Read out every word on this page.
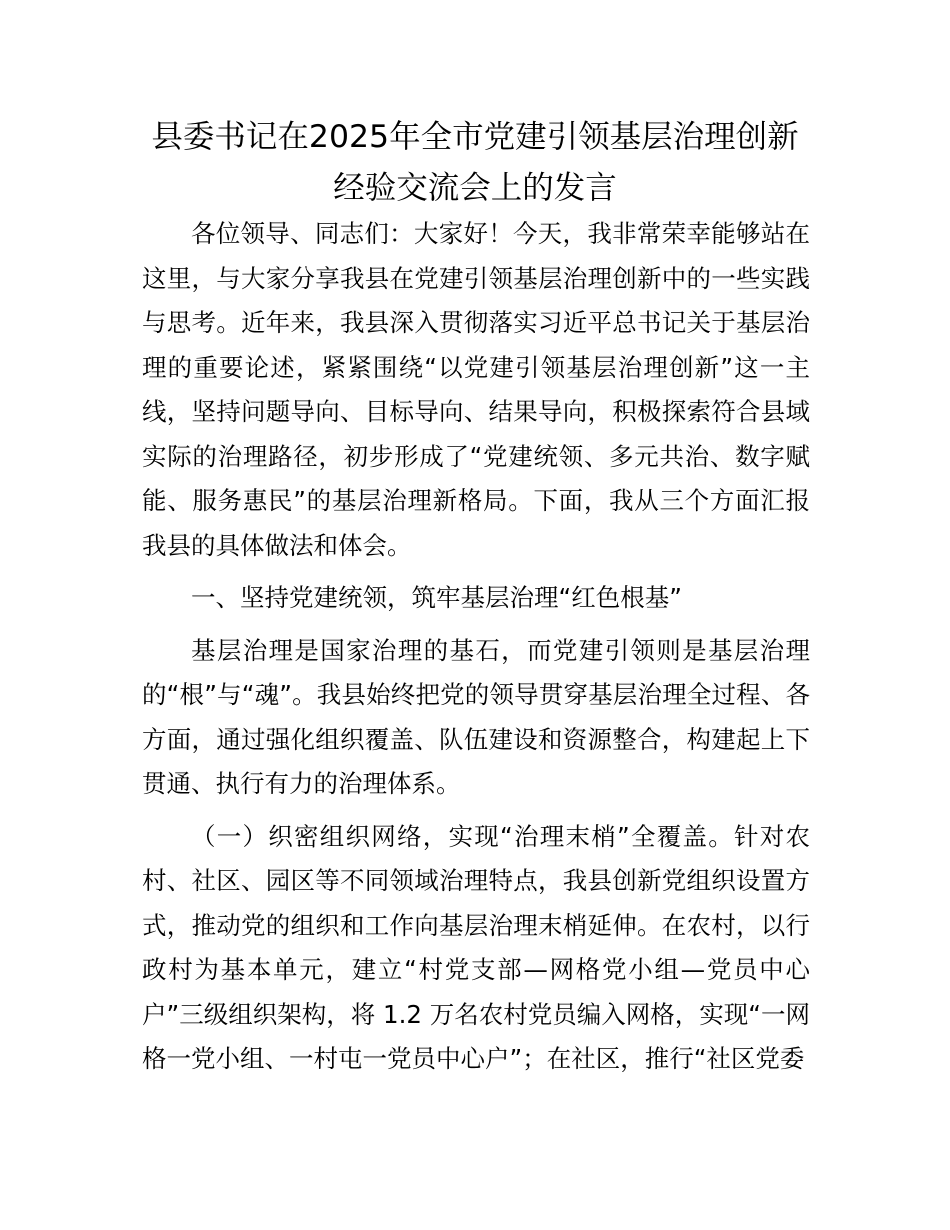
县委书记在2025年全市党建引领基层治理创新经验交流会上的发言

各位领导、同志们：大家好！今天，我非常荣幸能够站在这里，与大家分享我县在党建引领基层治理创新中的一些实践与思考。近年来，我县深入贯彻落实习近平总书记关于基层治理的重要论述，紧紧围绕“以党建引领基层治理创新”这一主线，坚持问题导向、目标导向、结果导向，积极探索符合县域实际的治理路径，初步形成了“党建统领、多元共治、数字赋能、服务惠民”的基层治理新格局。下面，我从三个方面汇报我县的具体做法和体会。

一、坚持党建统领，筑牢基层治理“红色根基”

基层治理是国家治理的基石，而党建引领则是基层治理的“根”与“魂”。我县始终把党的领导贯穿基层治理全过程、各方面，通过强化组织覆盖、队伍建设和资源整合，构建起上下贯通、执行有力的治理体系。

（一）织密组织网络，实现“治理末梢”全覆盖。针对农村、社区、园区等不同领域治理特点，我县创新党组织设置方式，推动党的组织和工作向基层治理末梢延伸。在农村，以行政村为基本单元，建立“村党支部—网格党小组—党员中心户”三级组织架构，将 1.2 万名农村党员编入网格，实现“一网格一党小组、一村屯一党员中心户”；在社区，推行“社区党委
